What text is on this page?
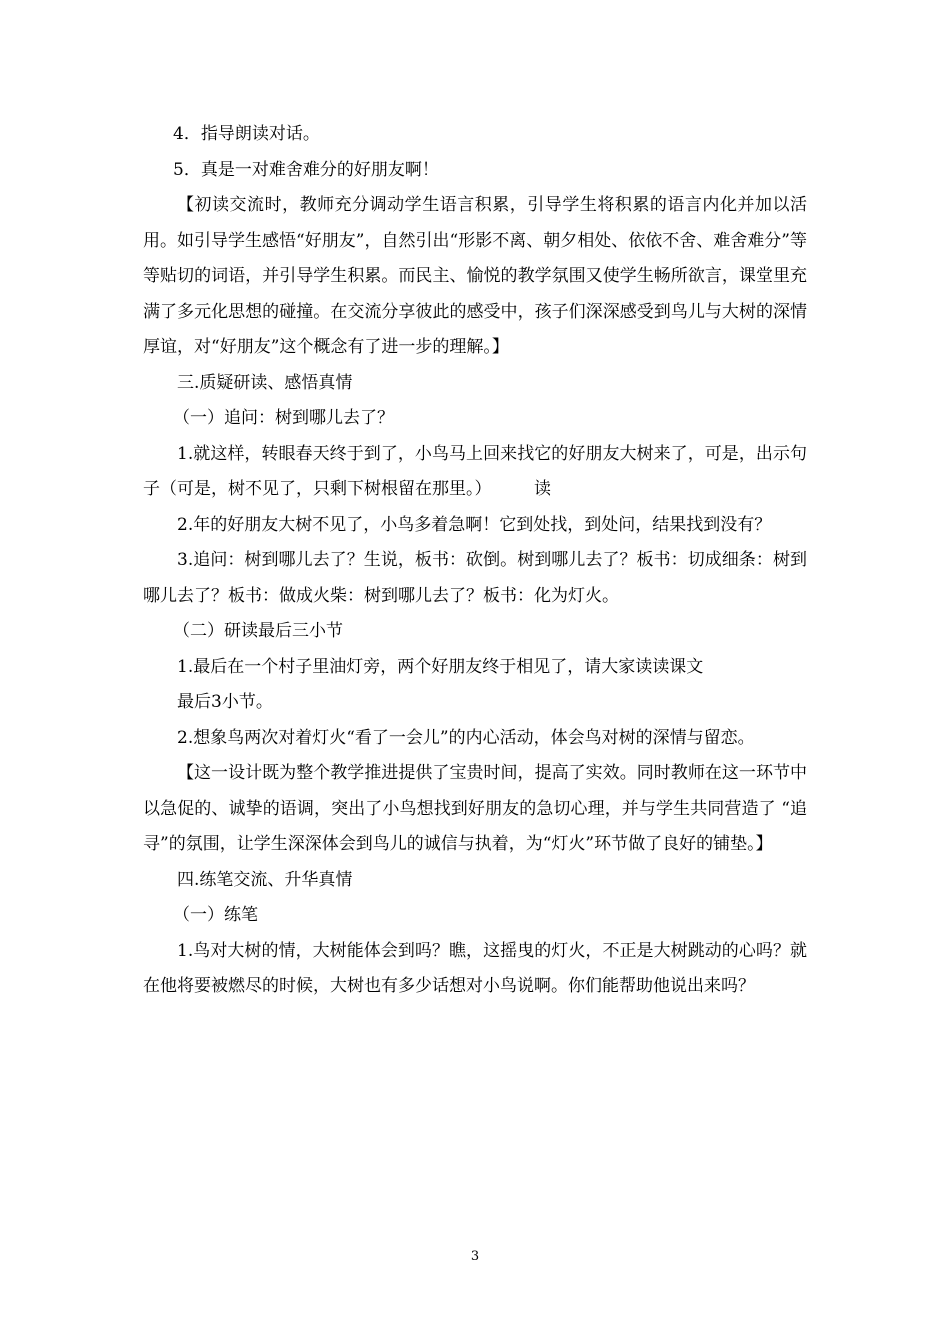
4．指导朗读对话。

5．真是一对难舍难分的好朋友啊！

【初读交流时，教师充分调动学生语言积累，引导学生将积累的语言内化并加以活用。如引导学生感悟“好朋友”，自然引出“形影不离、朝夕相处、依依不舍、难舍难分”等等贴切的词语，并引导学生积累。而民主、愉悦的教学氛围又使学生畅所欲言，课堂里充满了多元化思想的碰撞。在交流分享彼此的感受中，孩子们深深感受到鸟儿与大树的深情厚谊，对“好朋友”这个概念有了进一步的理解。】

三.质疑研读、感悟真情

（一）追问：树到哪儿去了？

1.就这样，转眼春天终于到了，小鸟马上回来找它的好朋友大树来了，可是，出示句子（可是，树不见了，只剩下树根留在那里。）　　　读

2.年的好朋友大树不见了，小鸟多着急啊！它到处找，到处问，结果找到没有？

3.追问：树到哪儿去了？生说，板书：砍倒。树到哪儿去了？板书：切成细条：树到哪儿去了？板书：做成火柴：树到哪儿去了？板书：化为灯火。

（二）研读最后三小节

1.最后在一个村子里油灯旁，两个好朋友终于相见了，请大家读读课文

最后3小节。

2.想象鸟两次对着灯火“看了一会儿”的内心活动，体会鸟对树的深情与留恋。

【这一设计既为整个教学推进提供了宝贵时间，提高了实效。同时教师在这一环节中以急促的、诚挚的语调，突出了小鸟想找到好朋友的急切心理，并与学生共同营造了 “追寻”的氛围，让学生深深体会到鸟儿的诚信与执着，为“灯火”环节做了良好的铺垫。】

四.练笔交流、升华真情

（一）练笔

1.鸟对大树的情，大树能体会到吗？瞧，这摇曳的灯火，不正是大树跳动的心吗？就在他将要被燃尽的时候，大树也有多少话想对小鸟说啊。你们能帮助他说出来吗？

3
